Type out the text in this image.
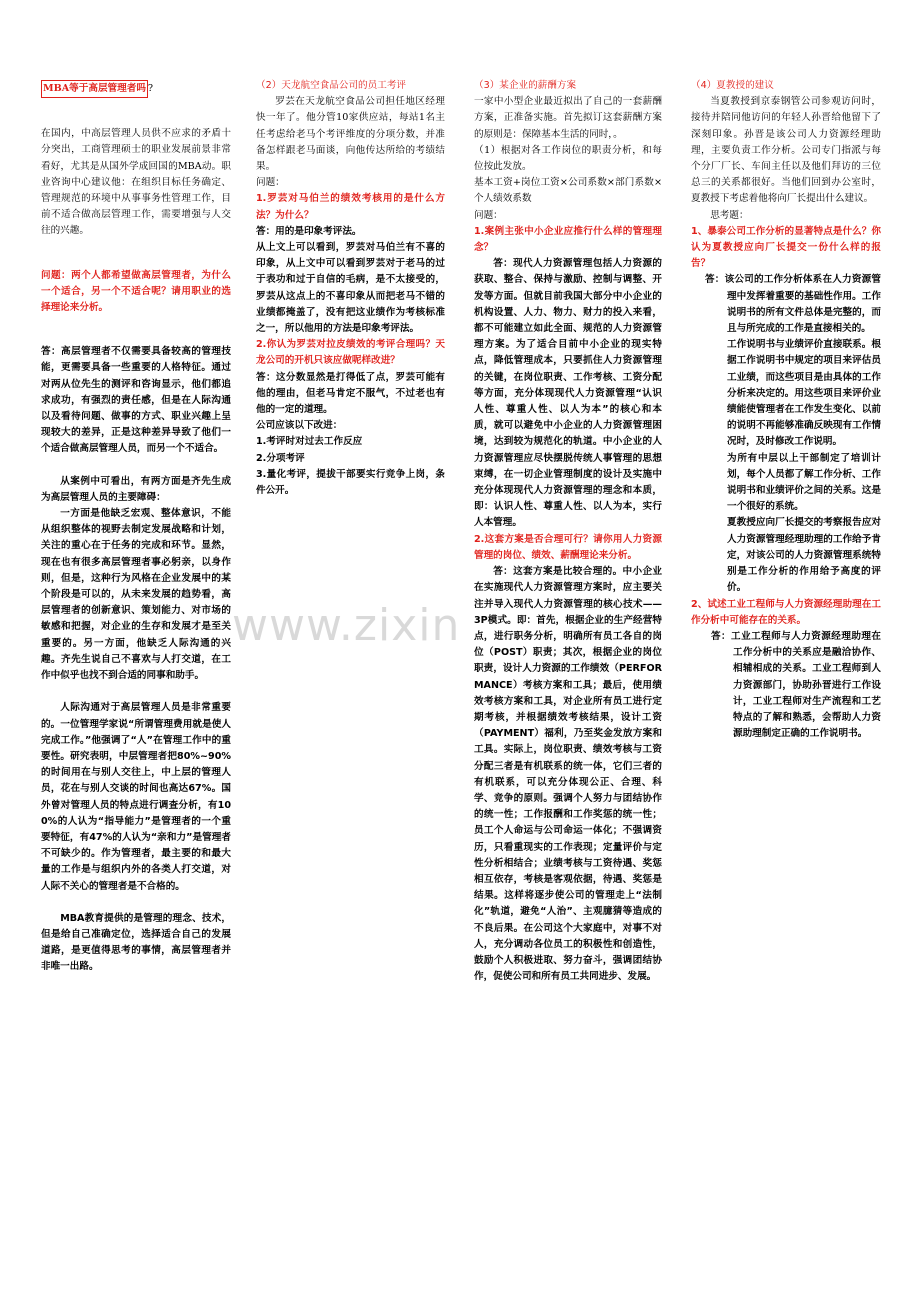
www.zixin

MBA等于高层管理者吗 ?

在国内，中高层管理人员供不应求的矛盾十分突出，工商管理硕士的职业发展前景非常看好，尤其是从国外学成回国的MBA动。职业咨询中心建议他：在组织目标任务确定、管理规范的环境中从事事务性管理工作，目前不适合做高层管理工作，需要增强与人交往的兴趣。

问题：两个人都希望做高层管理者，为什么一个适合，另一个不适合呢？请用职业的选择理论来分析。

答：高层管理者不仅需要具备较高的管理技能，更需要具备一些重要的人格特征。通过对两从位先生的测评和咨询显示，他们都追求成功，有强烈的责任感，但是在人际沟通以及看待问题、做事的方式、职业兴趣上呈现较大的差异，正是这种差异导致了他们一个适合做高层管理人员，而另一个不适合。

从案例中可看出，有两方面是齐先生成为高层管理人员的主要障碍：

一方面是他缺乏宏观、整体意识，不能从组织整体的视野去制定发展战略和计划，关注的重心在于任务的完成和环节。显然，现在也有很多高层管理者事必躬亲，以身作则，但是，这种行为风格在企业发展中的某个阶段是可以的，从未来发展的趋势看，高层管理者的创新意识、策划能力、对市场的敏感和把握，对企业的生存和发展才是至关重要的。另一方面，他缺乏人际沟通的兴趣。齐先生说自己不喜欢与人打交道，在工作中似乎也找不到合适的同事和助手。

人际沟通对于高层管理人员是非常重要的。一位管理学家说“所谓管理费用就是使人完成工作。”他强调了“人”在管理工作中的重要性。研究表明，中层管理者把80%~90%的时间用在与别人交往上，中上层的管理人员，花在与别人交谈的时间也高达67%。国外曾对管理人员的特点进行调查分析，有100%的人认为“指导能力”是管理者的一个重要特征，有47%的人认为“亲和力”是管理者不可缺少的。作为管理者，最主要的和最大量的工作是与组织内外的各类人打交道，对人际不关心的管理者是不合格的。

MBA教育提供的是管理的理念、技术，但是给自己准确定位，选择适合自己的发展道路，是更值得思考的事情，高层管理者并非唯一出路。

（2）天龙航空食品公司的员工考评

罗芸在天龙航空食品公司担任地区经理快一年了。他分管10家供应站，每站1名主任考虑给老马个考评维度的分项分数，并准备怎样跟老马面谈，向他传达所给的考绩结果。

问题：

1.罗芸对马伯兰的绩效考核用的是什么方法？为什么？

答：用的是印象考评法。

从上文上可以看到，罗芸对马伯兰有不喜的印象，从上文中可以看到罗芸对于老马的过于表功和过于自信的毛病，是不太接受的，罗芸从这点上的不喜印象从而把老马不错的业绩都掩盖了，没有把这业绩作为考核标准之一，所以他用的方法是印象考评法。

2.你认为罗芸对拉皮绩效的考评合理吗？天龙公司的开机只该应做呢样改进？

答：这分数显然是打得低了点，罗芸可能有他的理由，但老马肯定不服气，不过老也有他的一定的道理。

公司应该以下改进：

1.考评时对过去工作反应

2.分项考评

3.量化考评，提拔干部要实行竞争上岗，条件公开。

（3）某企业的薪酬方案

一家中小型企业最近拟出了自己的一套薪酬方案，正准备实施。首先拟订这套薪酬方案的原则是：保障基本生活的同时，。

（1）根据对各工作岗位的职责分析，和每位按此发放。

基本工资+岗位工资×公司系数×部门系数×个人绩效系数

问题：

1.案例主张中小企业应推行什么样的管理理念？

答：现代人力资源管理包括人力资源的获取、整合、保持与激励、控制与调整、开发等方面。但就目前我国大部分中小企业的机构设置、人力、物力、财力的投入来看，都不可能建立如此全面、规范的人力资源管理方案。为了适合目前中小企业的现实特点，降低管理成本，只要抓住人力资源管理的关键，在岗位职责、工作考核、工资分配等方面，充分体现现代人力资源管理“认识人性、尊重人性、以人为本”的核心和本质，就可以避免中小企业的人力资源管理困境，达到较为规范化的轨道。中小企业的人力资源管理应尽快摆脱传统人事管理的思想束缚，在一切企业管理制度的设计及实施中充分体现现代人力资源管理的理念和本质，即：认识人性、尊重人性、以人为本，实行人本管理。

2.这套方案是否合理可行？请你用人力资源管理的岗位、绩效、薪酬理论来分析。

答：这套方案是比较合理的。中小企业在实施现代人力资源管理方案时，应主要关注并导入现代人力资源管理的核心技术——3P模式。即：首先，根据企业的生产经营特点，进行职务分析，明确所有员工各自的岗位（POST）职责；其次，根据企业的岗位职责，设计人力资源的工作绩效（PERFORMANCE）考核方案和工具；最后，使用绩效考核方案和工具，对企业所有员工进行定期考核，并根据绩效考核结果，设计工资（PAYMENT）福利，乃至奖金发放方案和工具。实际上，岗位职责、绩效考核与工资分配三者是有机联系的统一体，它们三者的有机联系，可以充分体现公正、合理、科学、竞争的原则。强调个人努力与团结协作的统一性；工作报酬和工作奖惩的统一性；员工个人命运与公司命运一体化；不强调资历，只看重现实的工作表现；定量评价与定性分析相结合；业绩考核与工资待遇、奖惩相互依存，考核是客观依据，待遇、奖惩是结果。这样将逐步使公司的管理走上“法制化”轨道，避免“人治”、主观臆猜等造成的不良后果。在公司这个大家庭中，对事不对人，充分调动各位员工的积极性和创造性，鼓励个人积极进取、努力奋斗，强调团结协作，促使公司和所有员工共同进步、发展。

（4）夏教授的建议

当夏教授到京泰钢管公司参观访问时，接待并陪同他访问的年轻人孙晋给他留下了深刻印象。孙晋是该公司人力资源经理助理，主要负责工作分析。公司专门指派与每个分厂厂长、车间主任以及他们拜访的三位总三的关系都很好。当他们回到办公室时，夏教授下考虑着他将向厂长提出什么建议。

思考题：

1、暴泰公司工作分析的显著特点是什么？你认为夏教授应向厂长提交一份什么样的报告？

答：该公司的工作分析体系在人力资源管理中发挥着重要的基础性作用。工作说明书的所有文件总体是完整的，而且与所完成的工作是直接相关的。

工作说明书与业绩评价直接联系。根据工作说明书中规定的项目来评估员工业绩，而这些项目是由具体的工作分析来决定的。用这些项目来评价业绩能使管理者在工作发生变化、以前的说明不再能够准确反映现有工作情况时，及时修改工作说明。

为所有中层以上干部制定了培训计划，每个人员都了解工作分析、工作说明书和业绩评价之间的关系。这是一个很好的系统。

夏教授应向厂长提交的考察报告应对人力资源管理经理助理的工作给予肯定，对该公司的人力资源管理系统特别是工作分析的作用给予高度的评价。

2、试述工业工程师与人力资源经理助理在工作分析中可能存在的关系。

答：工业工程师与人力资源经理助理在工作分析中的关系应是融洽协作、相辅相成的关系。工业工程师到人力资源部门，协助孙晋进行工作设计，工业工程师对生产流程和工艺特点的了解和熟悉，会帮助人力资源助理制定正确的工作说明书。
